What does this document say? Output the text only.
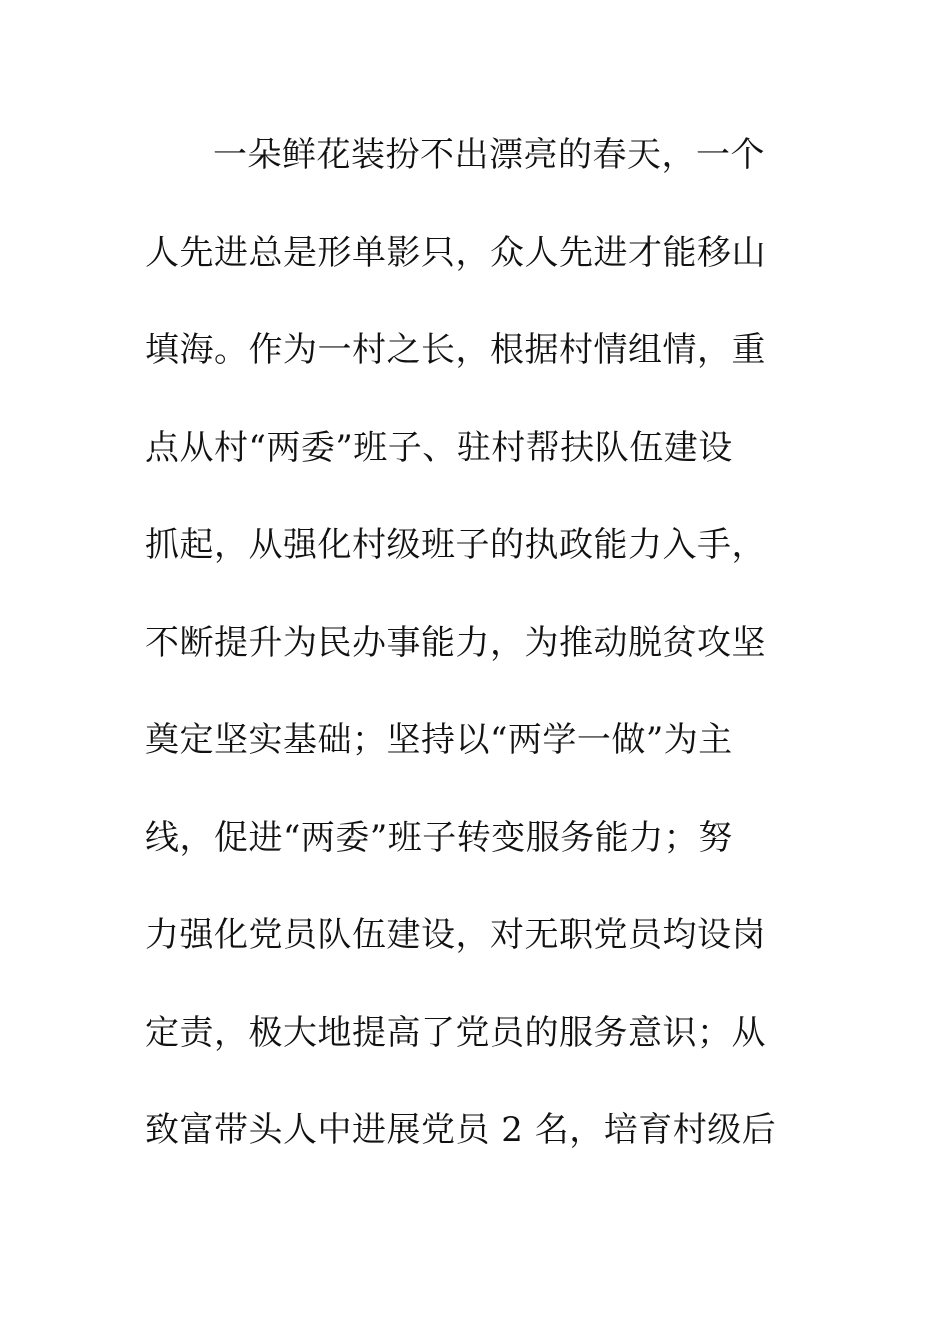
一朵鲜花装扮不出漂亮的春天，一个
人先进总是形单影只，众人先进才能移山
填海。作为一村之长，根据村情组情，重
点从村“两委”班子、驻村帮扶队伍建设
抓起，从强化村级班子的执政能力入手，
不断提升为民办事能力，为推动脱贫攻坚
奠定坚实基础；坚持以“两学一做”为主
线，促进“两委”班子转变服务能力；努
力强化党员队伍建设，对无职党员均设岗
定责，极大地提高了党员的服务意识；从
致富带头人中进展党员 2 名，培育村级后
